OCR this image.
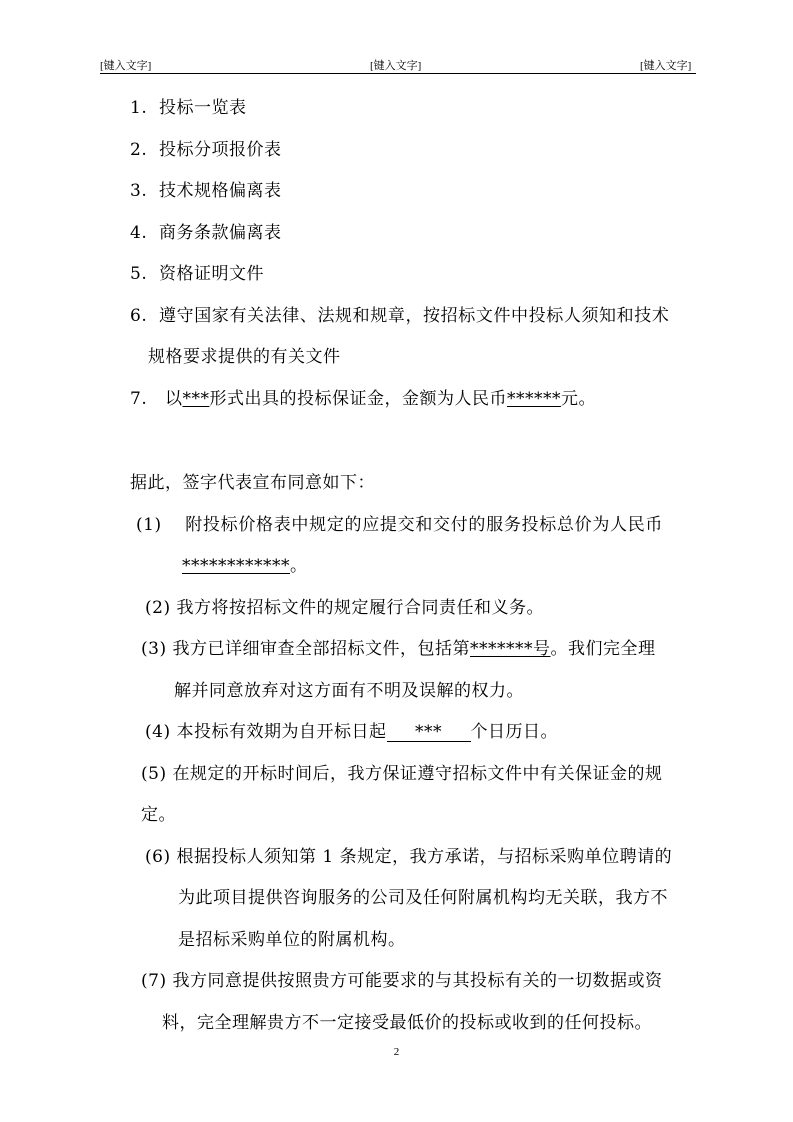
[键入文字]	[键入文字]	[键入文字]
1. 投标一览表
2. 投标分项报价表
3. 技术规格偏离表
4. 商务条款偏离表
5. 资格证明文件
6. 遵守国家有关法律、法规和规章，按招标文件中投标人须知和技术
规格要求提供的有关文件
7. 以***形式出具的投标保证金，金额为人民币******元。
据此，签字代表宣布同意如下：
(1) 附投标价格表中规定的应提交和交付的服务投标总价为人民币
************。
(2) 我方将按招标文件的规定履行合同责任和义务。
(3) 我方已详细审查全部招标文件，包括第*******号。我们完全理
解并同意放弃对这方面有不明及误解的权力。
(4) 本投标有效期为自开标日起 *** 个日历日。
(5) 在规定的开标时间后，我方保证遵守招标文件中有关保证金的规
定。
(6) 根据投标人须知第 1 条规定，我方承诺，与招标采购单位聘请的
为此项目提供咨询服务的公司及任何附属机构均无关联，我方不
是招标采购单位的附属机构。
(7) 我方同意提供按照贵方可能要求的与其投标有关的一切数据或资
料，完全理解贵方不一定接受最低价的投标或收到的任何投标。
2
